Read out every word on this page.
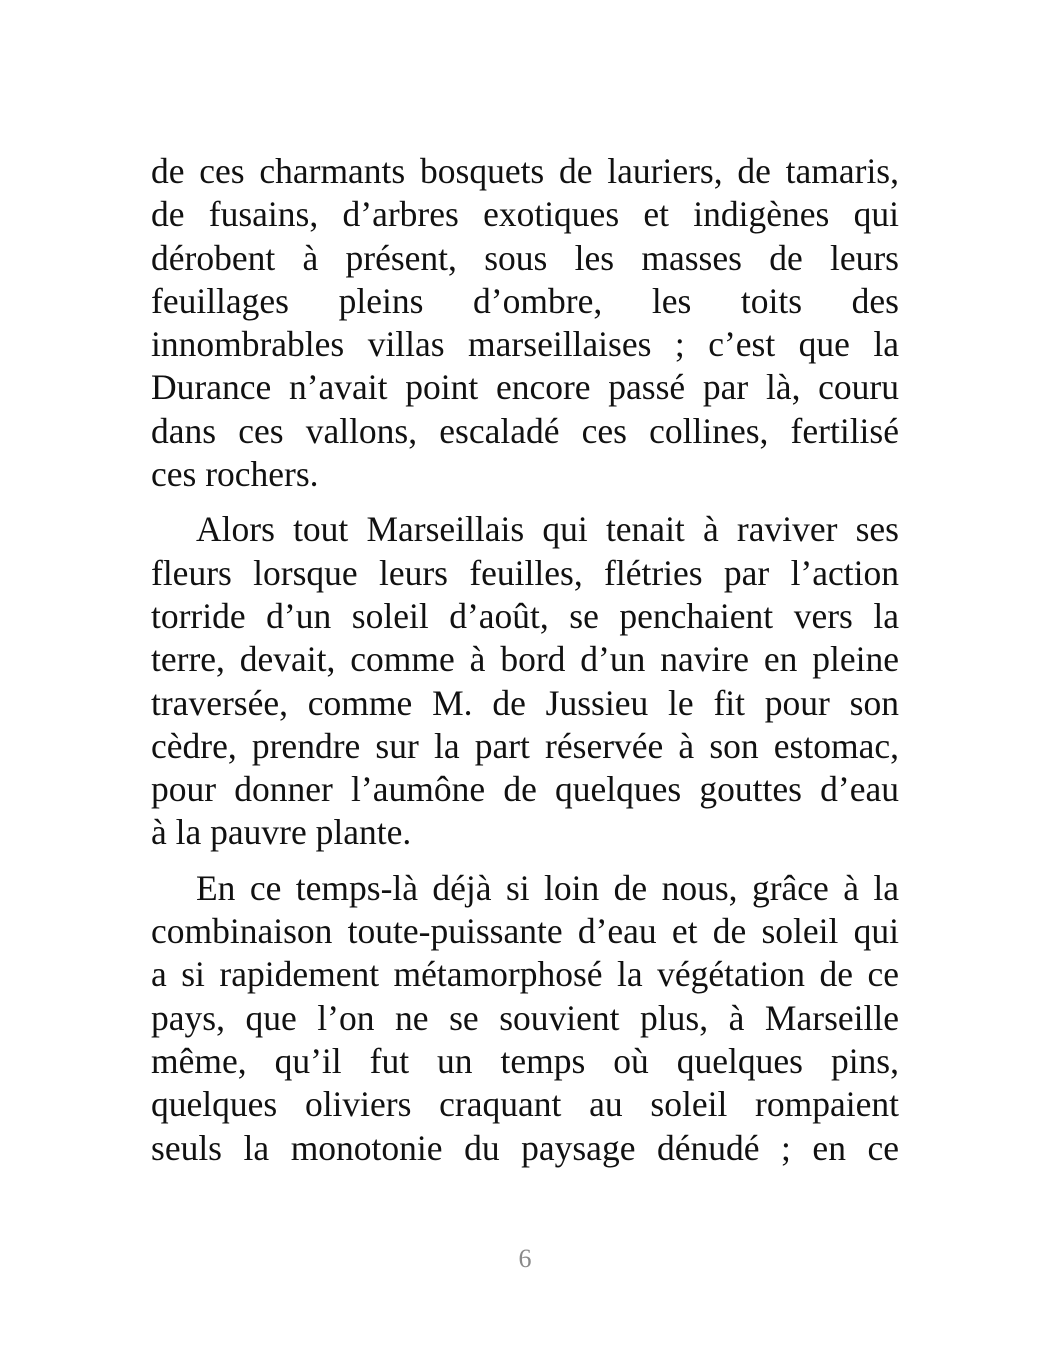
de ces charmants bosquets de lauriers, de tamaris,
de fusains, d’arbres exotiques et indigènes qui
dérobent à présent, sous les masses de leurs
feuillages pleins d’ombre, les toits des
innombrables villas marseillaises ; c’est que la
Durance n’avait point encore passé par là, couru
dans ces vallons, escaladé ces collines, fertilisé
ces rochers.
Alors tout Marseillais qui tenait à raviver ses
fleurs lorsque leurs feuilles, flétries par l’action
torride d’un soleil d’août, se penchaient vers la
terre, devait, comme à bord d’un navire en pleine
traversée, comme M. de Jussieu le fit pour son
cèdre, prendre sur la part réservée à son estomac,
pour donner l’aumône de quelques gouttes d’eau
à la pauvre plante.
En ce temps-là déjà si loin de nous, grâce à la
combinaison toute-puissante d’eau et de soleil qui
a si rapidement métamorphosé la végétation de ce
pays, que l’on ne se souvient plus, à Marseille
même, qu’il fut un temps où quelques pins,
quelques oliviers craquant au soleil rompaient
seuls la monotonie du paysage dénudé ; en ce
6
